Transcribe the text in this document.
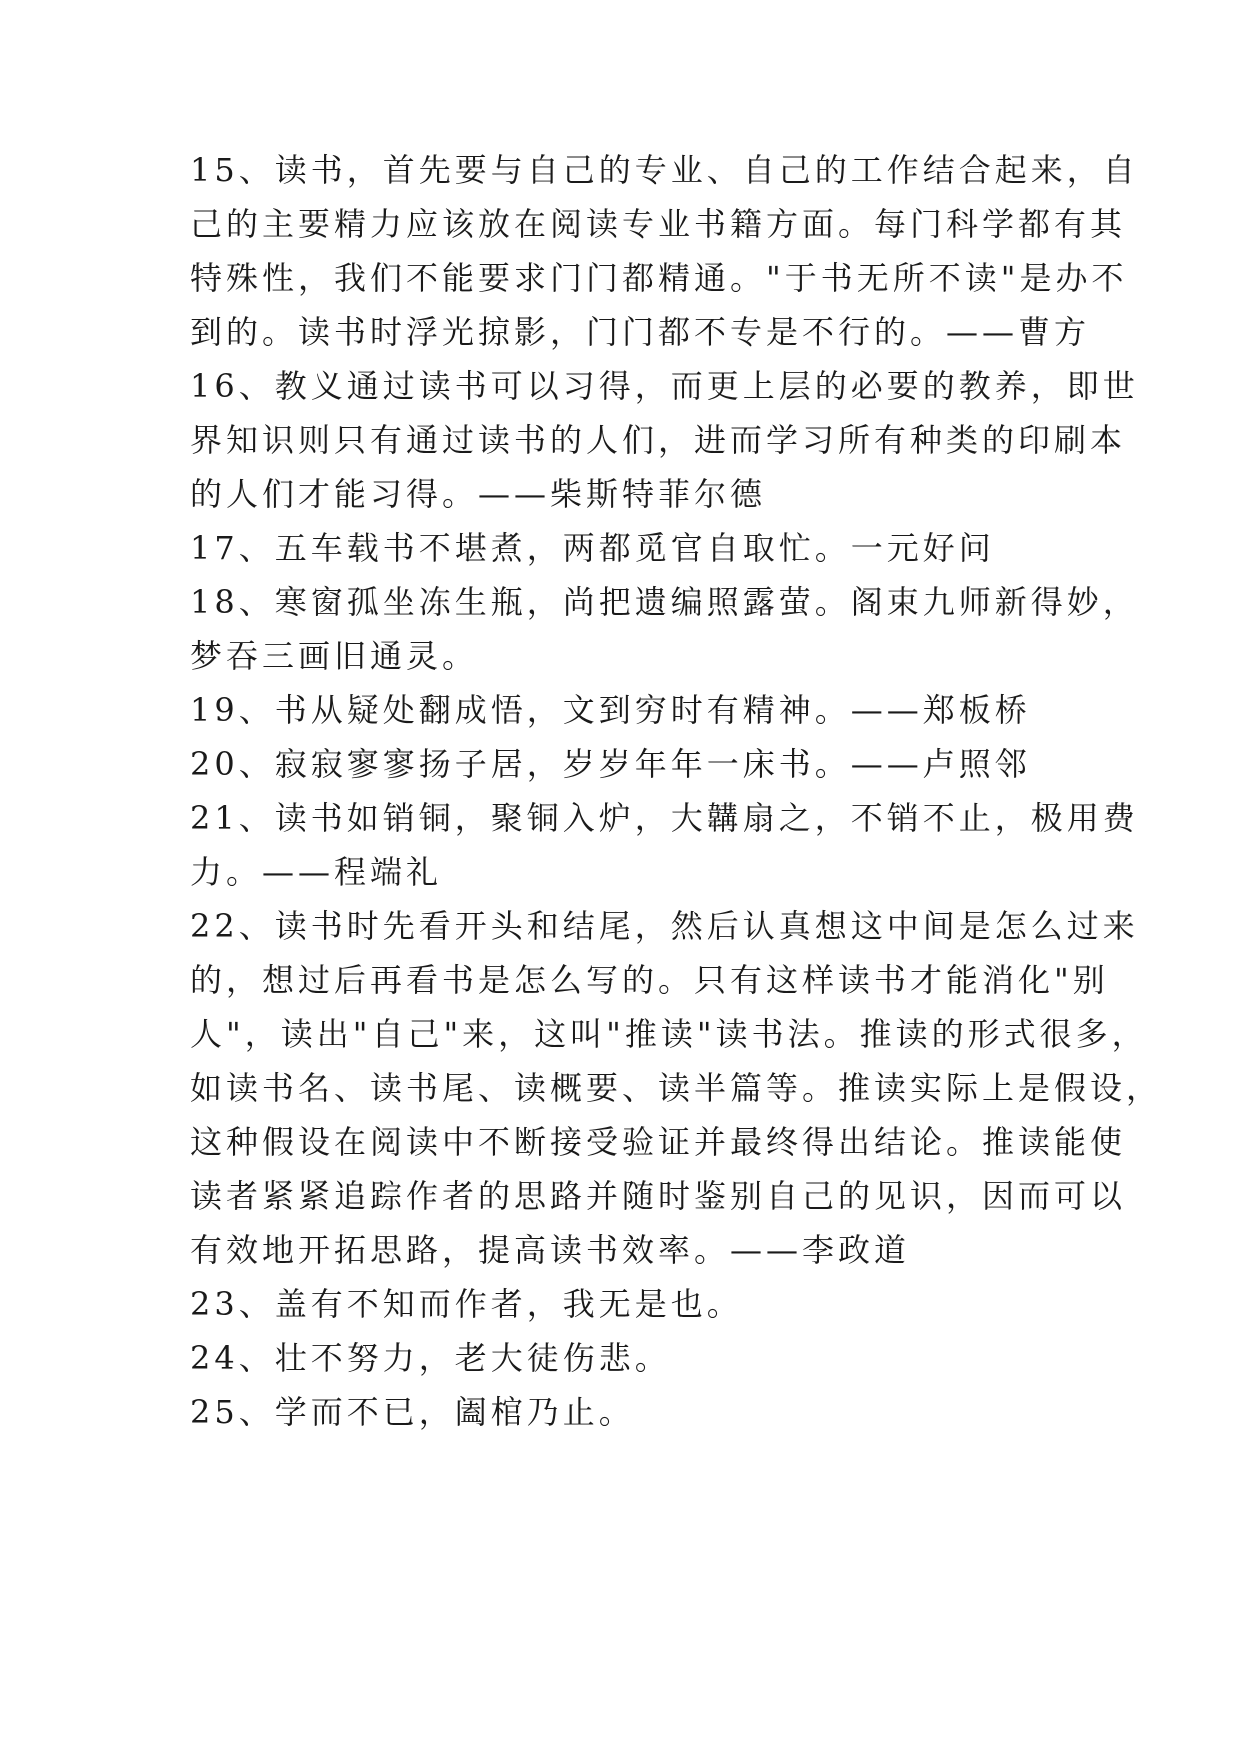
15、读书，首先要与自己的专业、自己的工作结合起来，自
己的主要精力应该放在阅读专业书籍方面。每门科学都有其
特殊性，我们不能要求门门都精通。"于书无所不读"是办不
到的。读书时浮光掠影，门门都不专是不行的。——曹方
16、教义通过读书可以习得，而更上层的必要的教养，即世
界知识则只有通过读书的人们，进而学习所有种类的印刷本
的人们才能习得。——柴斯特菲尔德
17、五车载书不堪煮，两都觅官自取忙。一元好问
18、寒窗孤坐冻生瓶，尚把遗编照露萤。阁束九师新得妙，
梦吞三画旧通灵。
19、书从疑处翻成悟，文到穷时有精神。——郑板桥
20、寂寂寥寥扬子居，岁岁年年一床书。——卢照邻
21、读书如销铜，聚铜入炉，大韝扇之，不销不止，极用费
力。——程端礼
22、读书时先看开头和结尾，然后认真想这中间是怎么过来
的，想过后再看书是怎么写的。只有这样读书才能消化"别
人"，读出"自己"来，这叫"推读"读书法。推读的形式很多，
如读书名、读书尾、读概要、读半篇等。推读实际上是假设，
这种假设在阅读中不断接受验证并最终得出结论。推读能使
读者紧紧追踪作者的思路并随时鉴别自己的见识，因而可以
有效地开拓思路，提高读书效率。——李政道
23、盖有不知而作者，我无是也。
24、壮不努力，老大徒伤悲。
25、学而不已，阖棺乃止。
